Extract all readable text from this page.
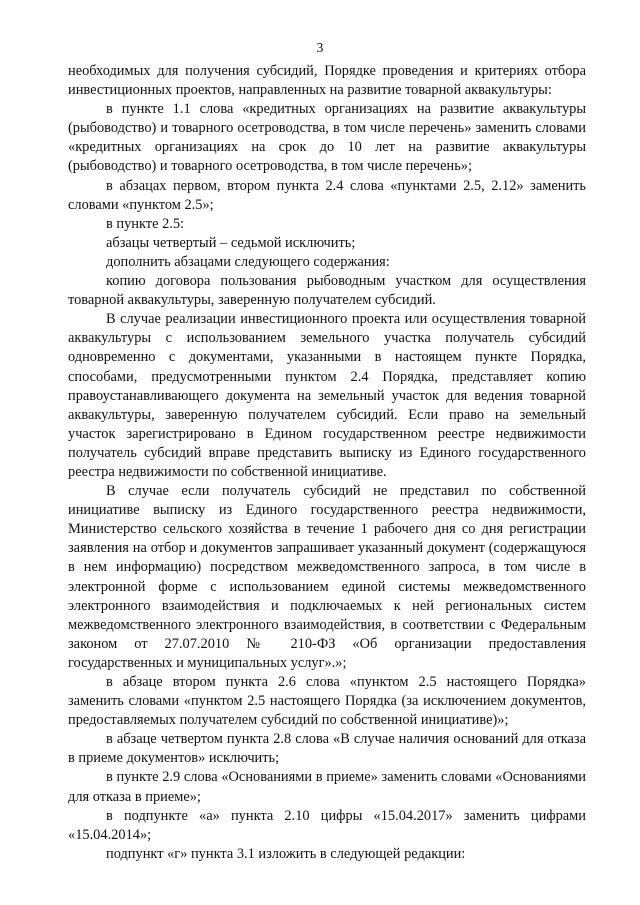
3

необходимых для получения субсидий, Порядке проведения и критериях отбора инвестиционных проектов, направленных на развитие товарной аквакультуры:

в пункте 1.1 слова «кредитных организациях на развитие аквакультуры (рыбоводство) и товарного осетроводства, в том числе перечень» заменить словами «кредитных организациях на срок до 10 лет на развитие аквакультуры (рыбоводство) и товарного осетроводства, в том числе перечень»;

в абзацах первом, втором пункта 2.4 слова «пунктами 2.5, 2.12» заменить словами «пунктом 2.5»;

в пункте 2.5:

абзацы четвертый – седьмой исключить;

дополнить абзацами следующего содержания:

копию договора пользования рыбоводным участком для осуществления товарной аквакультуры, заверенную получателем субсидий.

В случае реализации инвестиционного проекта или осуществления товарной аквакультуры с использованием земельного участка получатель субсидий одновременно с документами, указанными в настоящем пункте Порядка, способами, предусмотренными пунктом 2.4 Порядка, представляет копию правоустанавливающего документа на земельный участок для ведения товарной аквакультуры, заверенную получателем субсидий. Если право на земельный участок зарегистрировано в Едином государственном реестре недвижимости получатель субсидий вправе представить выписку из Единого государственного реестра недвижимости по собственной инициативе.

В случае если получатель субсидий не представил по собственной инициативе выписку из Единого государственного реестра недвижимости, Министерство сельского хозяйства в течение 1 рабочего дня со дня регистрации заявления на отбор и документов запрашивает указанный документ (содержащуюся в нем информацию) посредством межведомственного запроса, в том числе в электронной форме с использованием единой системы межведомственного электронного взаимодействия и подключаемых к ней региональных систем межведомственного электронного взаимодействия, в соответствии с Федеральным законом от 27.07.2010 № 210-ФЗ «Об организации предоставления государственных и муниципальных услуг».»;

в абзаце втором пункта 2.6 слова «пунктом 2.5 настоящего Порядка» заменить словами «пунктом 2.5 настоящего Порядка (за исключением документов, предоставляемых получателем субсидий по собственной инициативе)»;

в абзаце четвертом пункта 2.8 слова «В случае наличия оснований для отказа в приеме документов» исключить;

в пункте 2.9 слова «Основаниями в приеме» заменить словами «Основаниями для отказа в приеме»;

в подпункте «а» пункта 2.10 цифры «15.04.2017» заменить цифрами «15.04.2014»;

подпункт «г» пункта 3.1 изложить в следующей редакции:
